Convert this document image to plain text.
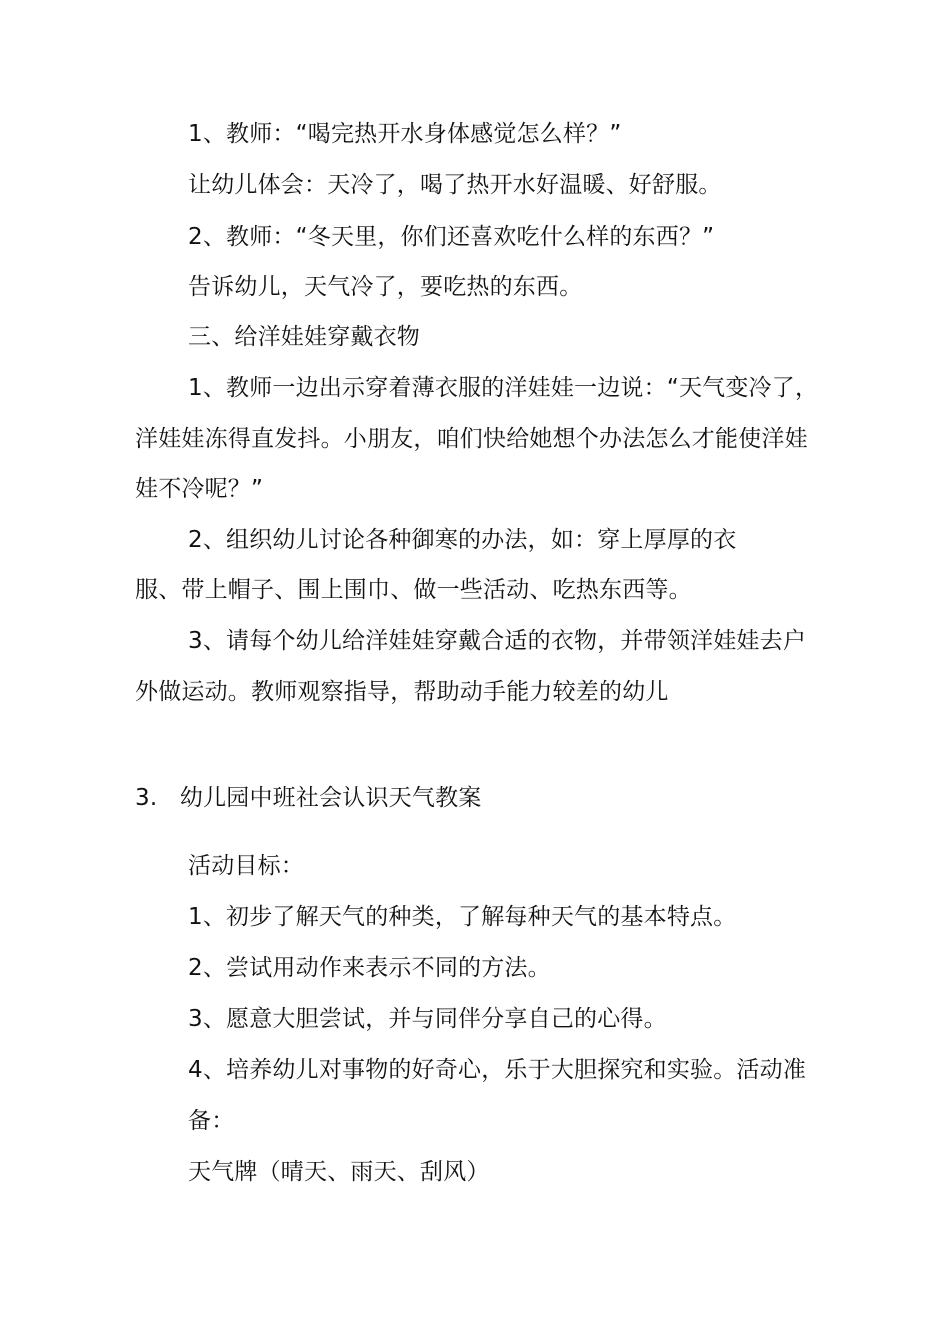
1、教师：“喝完热开水身体感觉怎么样？”
让幼儿体会：天冷了，喝了热开水好温暖、好舒服。
2、教师：“冬天里，你们还喜欢吃什么样的东西？”
告诉幼儿，天气冷了，要吃热的东西。
三、给洋娃娃穿戴衣物
1、教师一边出示穿着薄衣服的洋娃娃一边说：“天气变冷了，
洋娃娃冻得直发抖。小朋友，咱们快给她想个办法怎么才能使洋娃
娃不冷呢？”
2、组织幼儿讨论各种御寒的办法，如：穿上厚厚的衣
服、带上帽子、围上围巾、做一些活动、吃热东西等。
3、请每个幼儿给洋娃娃穿戴合适的衣物，并带领洋娃娃去户
外做运动。教师观察指导，帮助动手能力较差的幼儿
3.   幼儿园中班社会认识天气教案
活动目标：
1、初步了解天气的种类，了解每种天气的基本特点。
2、尝试用动作来表示不同的方法。
3、愿意大胆尝试，并与同伴分享自己的心得。
4、培养幼儿对事物的好奇心，乐于大胆探究和实验。活动准
备：
天气牌（晴天、雨天、刮风）
